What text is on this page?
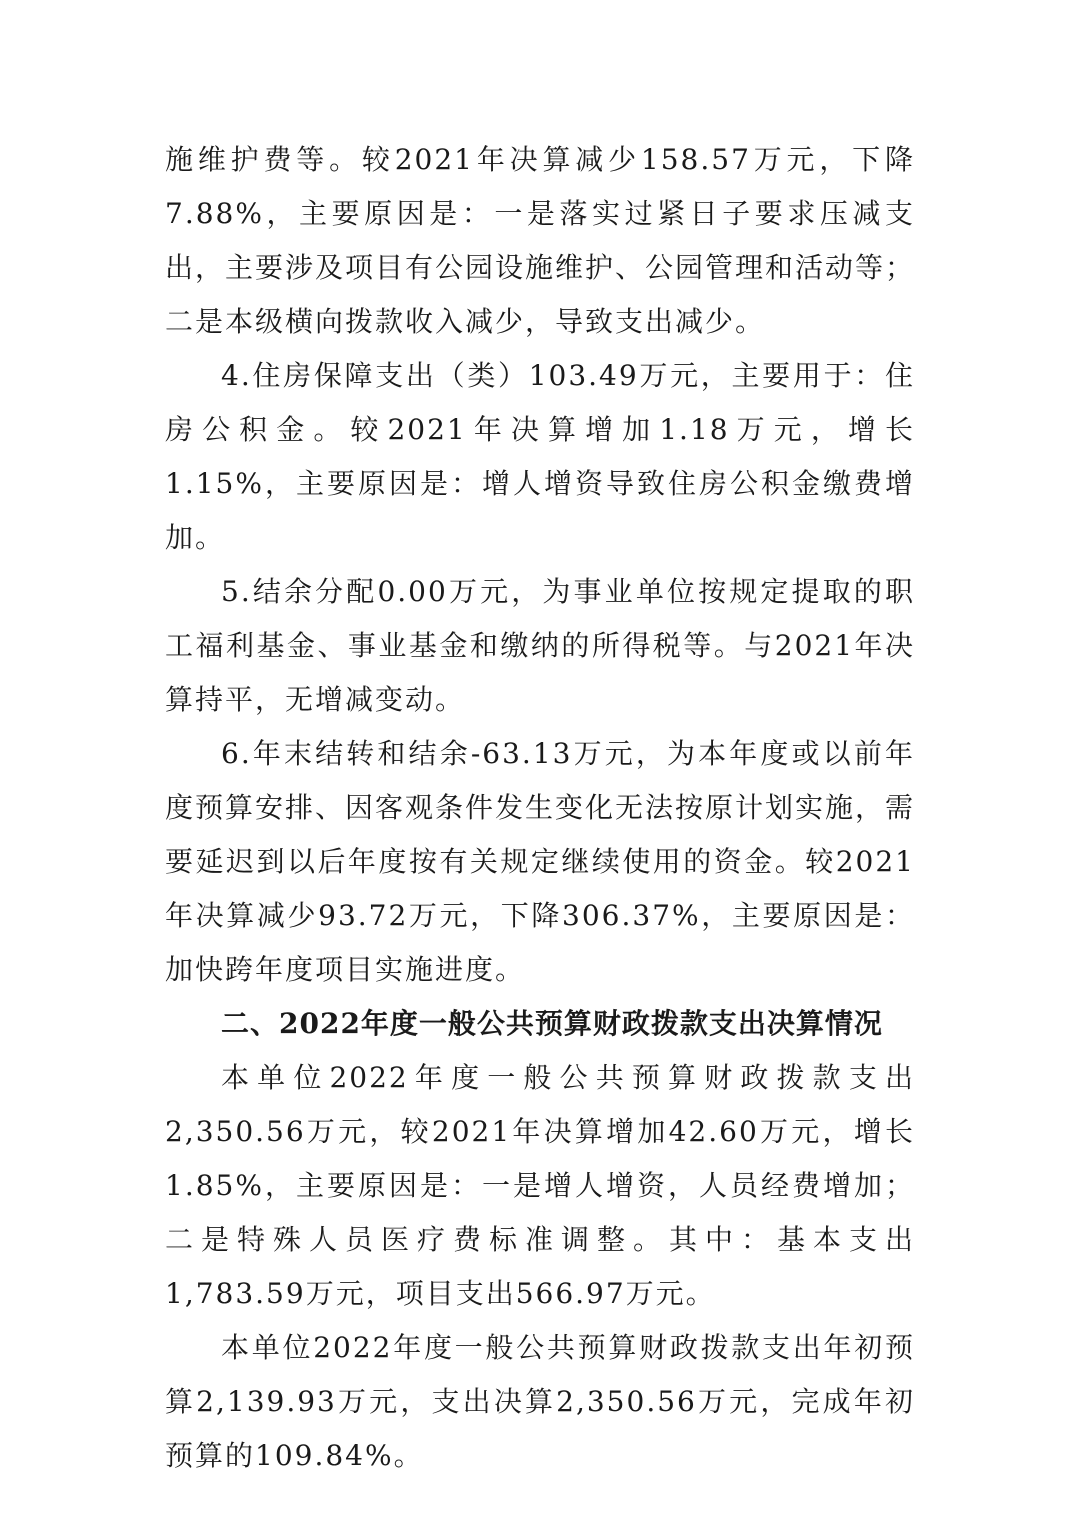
施维护费等。较2021年决算减少158.57万元，下降7.88%，主要原因是：一是落实过紧日子要求压减支出，主要涉及项目有公园设施维护、公园管理和活动等；二是本级横向拨款收入减少，导致支出减少。

4.住房保障支出（类）103.49万元，主要用于：住房公积金。较2021年决算增加1.18万元，增长1.15%，主要原因是：增人增资导致住房公积金缴费增加。

5.结余分配0.00万元，为事业单位按规定提取的职工福利基金、事业基金和缴纳的所得税等。与2021年决算持平，无增减变动。

6.年末结转和结余-63.13万元，为本年度或以前年度预算安排、因客观条件发生变化无法按原计划实施，需要延迟到以后年度按有关规定继续使用的资金。较2021年决算减少93.72万元，下降306.37%，主要原因是：加快跨年度项目实施进度。

二、2022年度一般公共预算财政拨款支出决算情况

本单位2022年度一般公共预算财政拨款支出2,350.56万元，较2021年决算增加42.60万元，增长1.85%，主要原因是：一是增人增资，人员经费增加；二是特殊人员医疗费标准调整。其中：基本支出1,783.59万元，项目支出566.97万元。

本单位2022年度一般公共预算财政拨款支出年初预算2,139.93万元，支出决算2,350.56万元，完成年初预算的109.84%。
